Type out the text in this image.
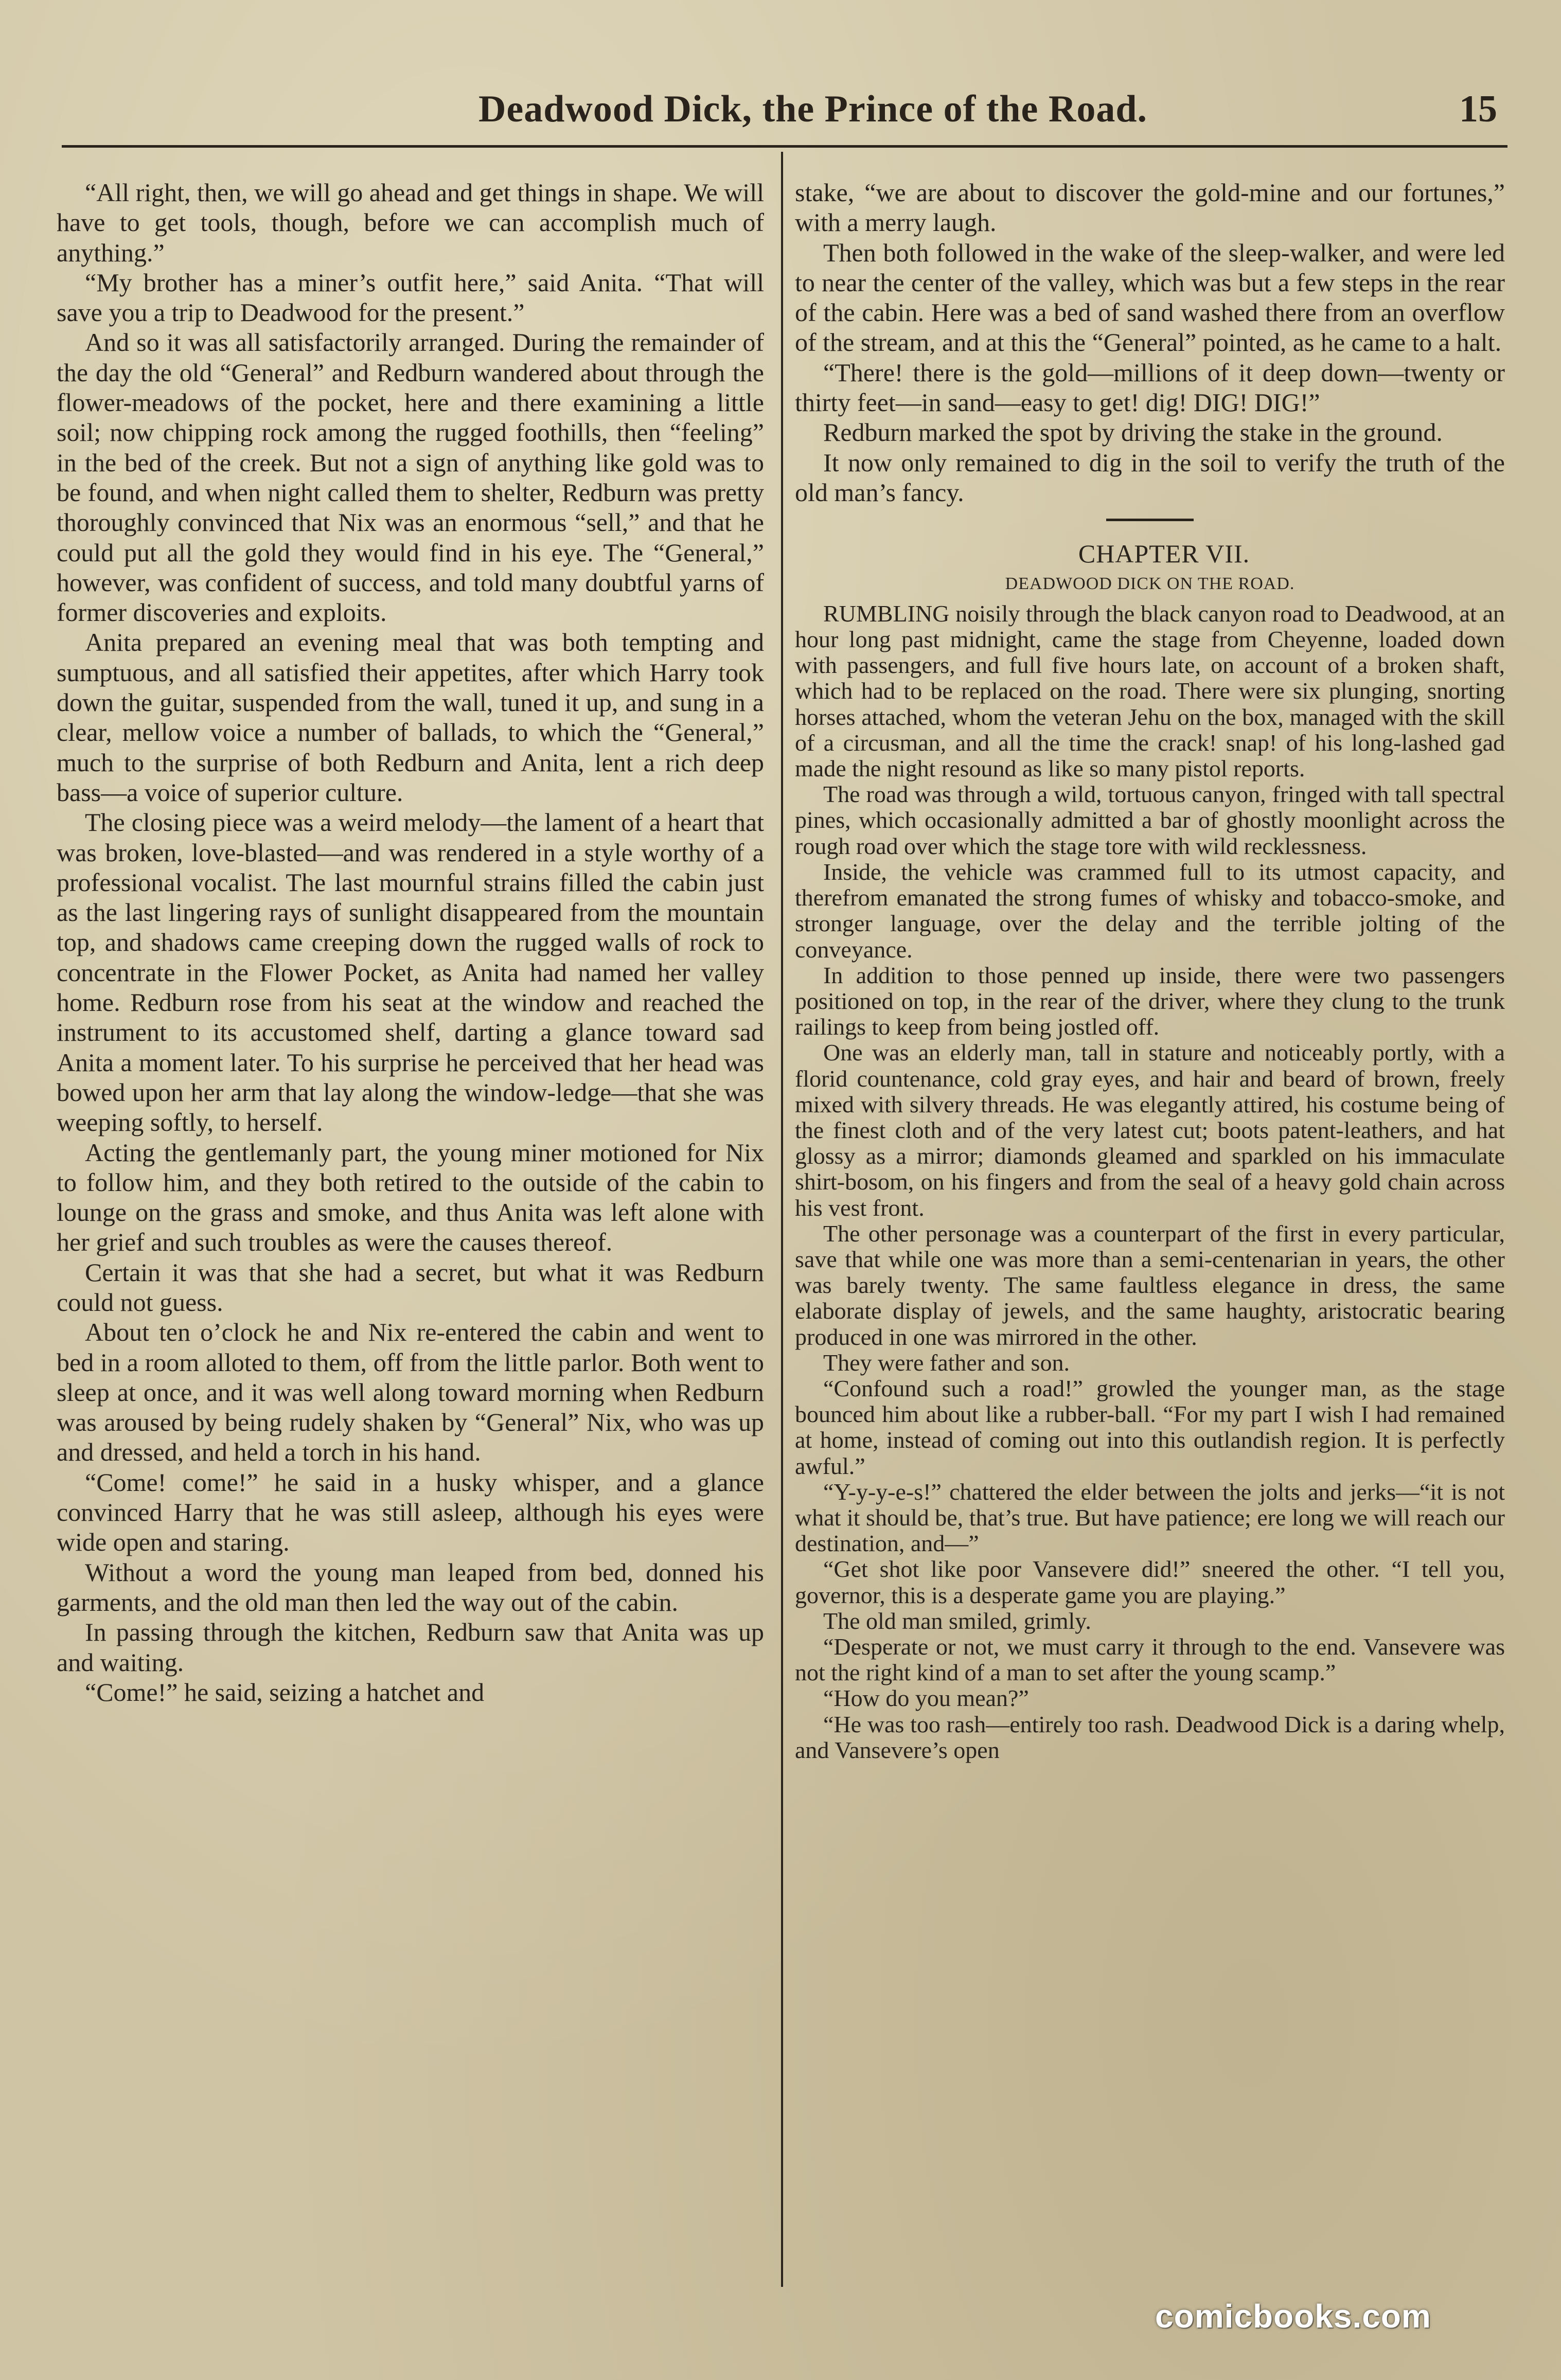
Deadwood Dick, the Prince of the Road.	15

“All right, then, we will go ahead and get things in shape. We will have to get tools, though, before we can accomplish much of anything.”

“My brother has a miner’s outfit here,” said Anita. “That will save you a trip to Deadwood for the present.”

And so it was all satisfactorily arranged. During the remainder of the day the old “General” and Redburn wandered about through the flower-meadows of the pocket, here and there examining a little soil; now chipping rock among the rugged foothills, then “feeling” in the bed of the creek. But not a sign of anything like gold was to be found, and when night called them to shelter, Redburn was pretty thoroughly convinced that Nix was an enormous “sell,” and that he could put all the gold they would find in his eye. The “General,” however, was confident of success, and told many doubtful yarns of former discoveries and exploits.

Anita prepared an evening meal that was both tempting and sumptuous, and all satisfied their appetites, after which Harry took down the guitar, suspended from the wall, tuned it up, and sung in a clear, mellow voice a number of ballads, to which the “General,” much to the surprise of both Redburn and Anita, lent a rich deep bass—a voice of superior culture.

The closing piece was a weird melody—the lament of a heart that was broken, love-blasted—and was rendered in a style worthy of a professional vocalist. The last mournful strains filled the cabin just as the last lingering rays of sunlight disappeared from the mountain top, and shadows came creeping down the rugged walls of rock to concentrate in the Flower Pocket, as Anita had named her valley home. Redburn rose from his seat at the window and reached the instrument to its accustomed shelf, darting a glance toward sad Anita a moment later. To his surprise he perceived that her head was bowed upon her arm that lay along the window-ledge—that she was weeping softly, to herself.

Acting the gentlemanly part, the young miner motioned for Nix to follow him, and they both retired to the outside of the cabin to lounge on the grass and smoke, and thus Anita was left alone with her grief and such troubles as were the causes thereof.

Certain it was that she had a secret, but what it was Redburn could not guess.

About ten o’clock he and Nix re-entered the cabin and went to bed in a room alloted to them, off from the little parlor. Both went to sleep at once, and it was well along toward morning when Redburn was aroused by being rudely shaken by “General” Nix, who was up and dressed, and held a torch in his hand.

“Come! come!” he said in a husky whisper, and a glance convinced Harry that he was still asleep, although his eyes were wide open and staring.

Without a word the young man leaped from bed, donned his garments, and the old man then led the way out of the cabin.

In passing through the kitchen, Redburn saw that Anita was up and waiting.

“Come!” he said, seizing a hatchet and

stake, “we are about to discover the gold-mine and our fortunes,” with a merry laugh.

Then both followed in the wake of the sleep-walker, and were led to near the center of the valley, which was but a few steps in the rear of the cabin. Here was a bed of sand washed there from an overflow of the stream, and at this the “General” pointed, as he came to a halt.

“There! there is the gold—millions of it deep down—twenty or thirty feet—in sand—easy to get! dig! DIG! DIG!”

Redburn marked the spot by driving the stake in the ground.

It now only remained to dig in the soil to verify the truth of the old man’s fancy.

CHAPTER VII.

DEADWOOD DICK ON THE ROAD.

RUMBLING noisily through the black canyon road to Deadwood, at an hour long past midnight, came the stage from Cheyenne, loaded down with passengers, and full five hours late, on account of a broken shaft, which had to be replaced on the road. There were six plunging, snorting horses attached, whom the veteran Jehu on the box, managed with the skill of a circusman, and all the time the crack! snap! of his long-lashed gad made the night resound as like so many pistol reports.

The road was through a wild, tortuous canyon, fringed with tall spectral pines, which occasionally admitted a bar of ghostly moonlight across the rough road over which the stage tore with wild recklessness.

Inside, the vehicle was crammed full to its utmost capacity, and therefrom emanated the strong fumes of whisky and tobacco-smoke, and stronger language, over the delay and the terrible jolting of the conveyance.

In addition to those penned up inside, there were two passengers positioned on top, in the rear of the driver, where they clung to the trunk railings to keep from being jostled off.

One was an elderly man, tall in stature and noticeably portly, with a florid countenance, cold gray eyes, and hair and beard of brown, freely mixed with silvery threads. He was elegantly attired, his costume being of the finest cloth and of the very latest cut; boots patent-leathers, and hat glossy as a mirror; diamonds gleamed and sparkled on his immaculate shirt-bosom, on his fingers and from the seal of a heavy gold chain across his vest front.

The other personage was a counterpart of the first in every particular, save that while one was more than a semi-centenarian in years, the other was barely twenty. The same faultless elegance in dress, the same elaborate display of jewels, and the same haughty, aristocratic bearing produced in one was mirrored in the other.

They were father and son.

“Confound such a road!” growled the younger man, as the stage bounced him about like a rubber-ball. “For my part I wish I had remained at home, instead of coming out into this outlandish region. It is perfectly awful.”

“Y-y-y-e-s!” chattered the elder between the jolts and jerks—“it is not what it should be, that’s true. But have patience; ere long we will reach our destination, and—”

“Get shot like poor Vansevere did!” sneered the other. “I tell you, governor, this is a desperate game you are playing.”

The old man smiled, grimly.

“Desperate or not, we must carry it through to the end. Vansevere was not the right kind of a man to set after the young scamp.”

“How do you mean?”

“He was too rash—entirely too rash. Deadwood Dick is a daring whelp, and Vansevere’s open

comicbooks.com
